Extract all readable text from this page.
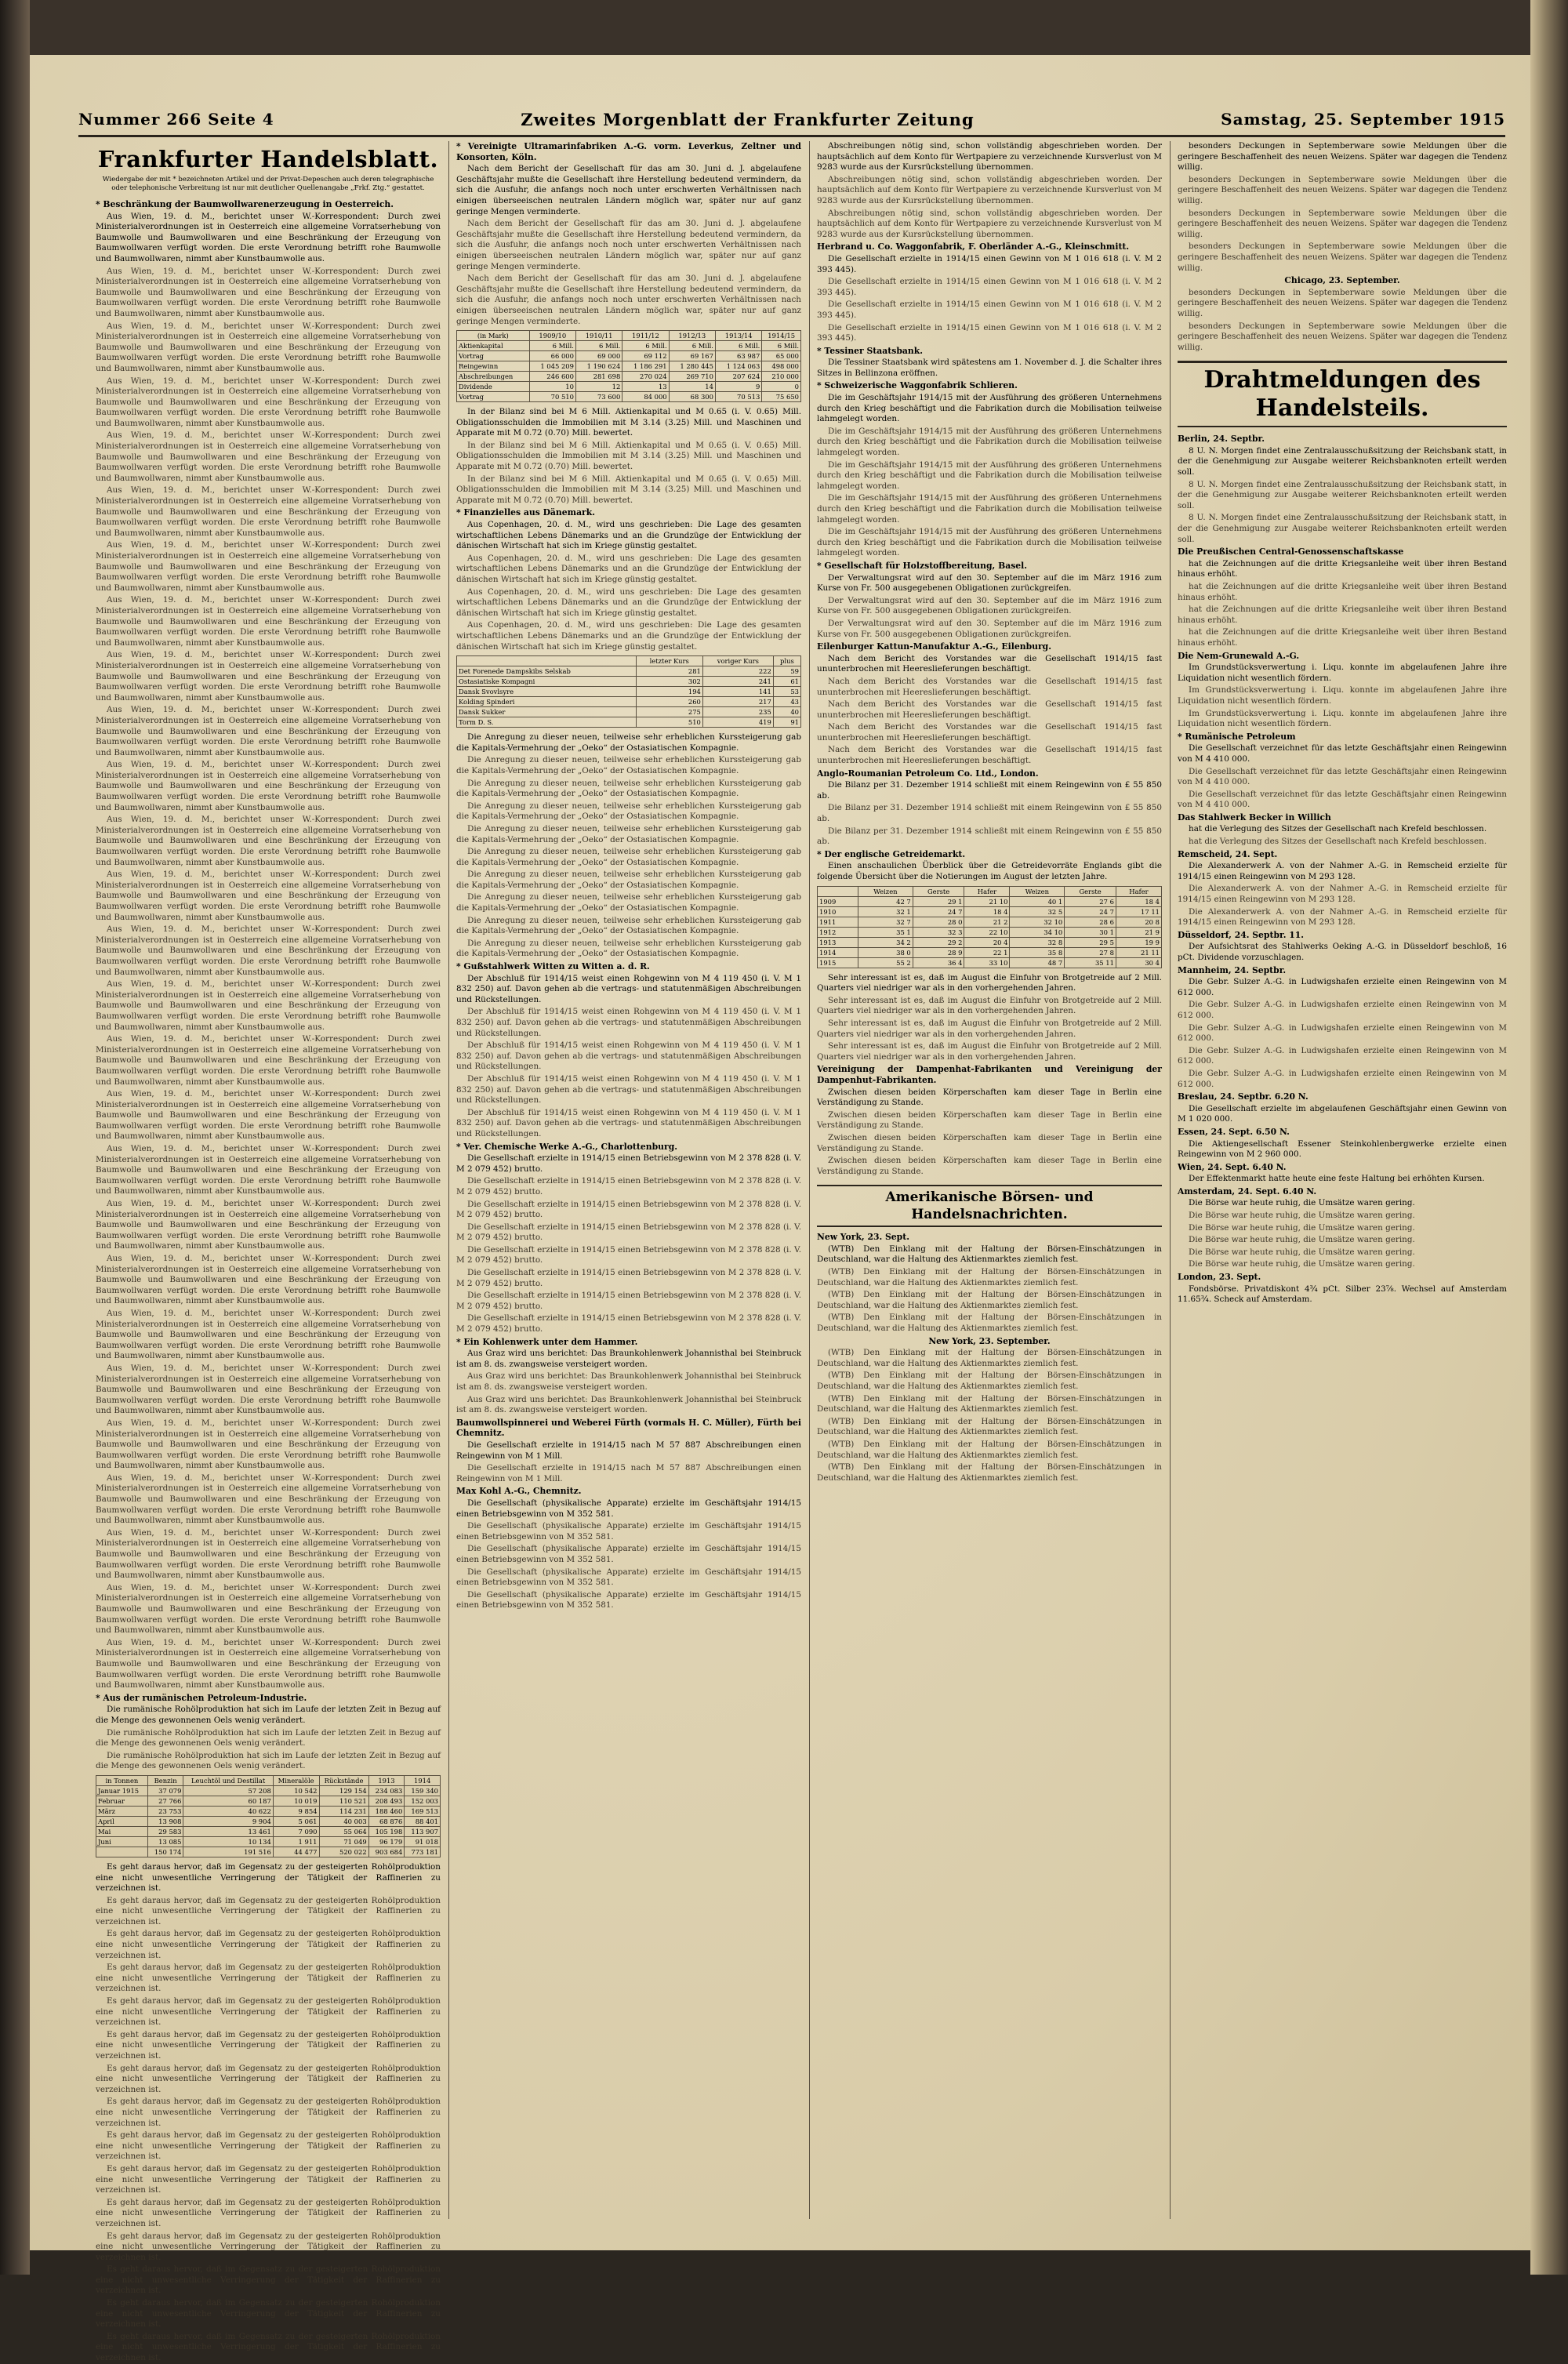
Nummer 266 Seite 4	Zweites Morgenblatt der Frankfurter Zeitung	Samstag, 25. September 1915
Frankfurter Handelsblatt.
Wiedergabe der mit * bezeichneten Artikel und der Privat-Depeschen auch deren telegraphische oder telephonische Verbreitung ist nur mit deutlicher Quellenangabe „Frkf. Ztg.“ gestattet.

* Beschränkung der Baumwollwarenerzeugung in Oesterreich.

Aus Wien, 19. d. M., berichtet unser W.-Korrespondent: Durch zwei Ministerialverordnungen ist in Oesterreich eine allgemeine Vorratserhebung von Baumwolle und Baumwollwaren und eine Beschränkung der Erzeugung von Baumwollwaren verfügt worden. Die erste Verordnung betrifft rohe Baumwolle und Baumwollwaren, nimmt aber Kunstbaumwolle aus.

Aus Wien, 19. d. M., berichtet unser W.-Korrespondent: Durch zwei Ministerialverordnungen ist in Oesterreich eine allgemeine Vorratserhebung von Baumwolle und Baumwollwaren und eine Beschränkung der Erzeugung von Baumwollwaren verfügt worden. Die erste Verordnung betrifft rohe Baumwolle und Baumwollwaren, nimmt aber Kunstbaumwolle aus.

Aus Wien, 19. d. M., berichtet unser W.-Korrespondent: Durch zwei Ministerialverordnungen ist in Oesterreich eine allgemeine Vorratserhebung von Baumwolle und Baumwollwaren und eine Beschränkung der Erzeugung von Baumwollwaren verfügt worden. Die erste Verordnung betrifft rohe Baumwolle und Baumwollwaren, nimmt aber Kunstbaumwolle aus.

Aus Wien, 19. d. M., berichtet unser W.-Korrespondent: Durch zwei Ministerialverordnungen ist in Oesterreich eine allgemeine Vorratserhebung von Baumwolle und Baumwollwaren und eine Beschränkung der Erzeugung von Baumwollwaren verfügt worden. Die erste Verordnung betrifft rohe Baumwolle und Baumwollwaren, nimmt aber Kunstbaumwolle aus.

Aus Wien, 19. d. M., berichtet unser W.-Korrespondent: Durch zwei Ministerialverordnungen ist in Oesterreich eine allgemeine Vorratserhebung von Baumwolle und Baumwollwaren und eine Beschränkung der Erzeugung von Baumwollwaren verfügt worden. Die erste Verordnung betrifft rohe Baumwolle und Baumwollwaren, nimmt aber Kunstbaumwolle aus.

Aus Wien, 19. d. M., berichtet unser W.-Korrespondent: Durch zwei Ministerialverordnungen ist in Oesterreich eine allgemeine Vorratserhebung von Baumwolle und Baumwollwaren und eine Beschränkung der Erzeugung von Baumwollwaren verfügt worden. Die erste Verordnung betrifft rohe Baumwolle und Baumwollwaren, nimmt aber Kunstbaumwolle aus.

Aus Wien, 19. d. M., berichtet unser W.-Korrespondent: Durch zwei Ministerialverordnungen ist in Oesterreich eine allgemeine Vorratserhebung von Baumwolle und Baumwollwaren und eine Beschränkung der Erzeugung von Baumwollwaren verfügt worden. Die erste Verordnung betrifft rohe Baumwolle und Baumwollwaren, nimmt aber Kunstbaumwolle aus.

Aus Wien, 19. d. M., berichtet unser W.-Korrespondent: Durch zwei Ministerialverordnungen ist in Oesterreich eine allgemeine Vorratserhebung von Baumwolle und Baumwollwaren und eine Beschränkung der Erzeugung von Baumwollwaren verfügt worden. Die erste Verordnung betrifft rohe Baumwolle und Baumwollwaren, nimmt aber Kunstbaumwolle aus.

Aus Wien, 19. d. M., berichtet unser W.-Korrespondent: Durch zwei Ministerialverordnungen ist in Oesterreich eine allgemeine Vorratserhebung von Baumwolle und Baumwollwaren und eine Beschränkung der Erzeugung von Baumwollwaren verfügt worden. Die erste Verordnung betrifft rohe Baumwolle und Baumwollwaren, nimmt aber Kunstbaumwolle aus.

Aus Wien, 19. d. M., berichtet unser W.-Korrespondent: Durch zwei Ministerialverordnungen ist in Oesterreich eine allgemeine Vorratserhebung von Baumwolle und Baumwollwaren und eine Beschränkung der Erzeugung von Baumwollwaren verfügt worden. Die erste Verordnung betrifft rohe Baumwolle und Baumwollwaren, nimmt aber Kunstbaumwolle aus.

Aus Wien, 19. d. M., berichtet unser W.-Korrespondent: Durch zwei Ministerialverordnungen ist in Oesterreich eine allgemeine Vorratserhebung von Baumwolle und Baumwollwaren und eine Beschränkung der Erzeugung von Baumwollwaren verfügt worden. Die erste Verordnung betrifft rohe Baumwolle und Baumwollwaren, nimmt aber Kunstbaumwolle aus.

Aus Wien, 19. d. M., berichtet unser W.-Korrespondent: Durch zwei Ministerialverordnungen ist in Oesterreich eine allgemeine Vorratserhebung von Baumwolle und Baumwollwaren und eine Beschränkung der Erzeugung von Baumwollwaren verfügt worden. Die erste Verordnung betrifft rohe Baumwolle und Baumwollwaren, nimmt aber Kunstbaumwolle aus.

Aus Wien, 19. d. M., berichtet unser W.-Korrespondent: Durch zwei Ministerialverordnungen ist in Oesterreich eine allgemeine Vorratserhebung von Baumwolle und Baumwollwaren und eine Beschränkung der Erzeugung von Baumwollwaren verfügt worden. Die erste Verordnung betrifft rohe Baumwolle und Baumwollwaren, nimmt aber Kunstbaumwolle aus.

Aus Wien, 19. d. M., berichtet unser W.-Korrespondent: Durch zwei Ministerialverordnungen ist in Oesterreich eine allgemeine Vorratserhebung von Baumwolle und Baumwollwaren und eine Beschränkung der Erzeugung von Baumwollwaren verfügt worden. Die erste Verordnung betrifft rohe Baumwolle und Baumwollwaren, nimmt aber Kunstbaumwolle aus.

Aus Wien, 19. d. M., berichtet unser W.-Korrespondent: Durch zwei Ministerialverordnungen ist in Oesterreich eine allgemeine Vorratserhebung von Baumwolle und Baumwollwaren und eine Beschränkung der Erzeugung von Baumwollwaren verfügt worden. Die erste Verordnung betrifft rohe Baumwolle und Baumwollwaren, nimmt aber Kunstbaumwolle aus.

Aus Wien, 19. d. M., berichtet unser W.-Korrespondent: Durch zwei Ministerialverordnungen ist in Oesterreich eine allgemeine Vorratserhebung von Baumwolle und Baumwollwaren und eine Beschränkung der Erzeugung von Baumwollwaren verfügt worden. Die erste Verordnung betrifft rohe Baumwolle und Baumwollwaren, nimmt aber Kunstbaumwolle aus.

Aus Wien, 19. d. M., berichtet unser W.-Korrespondent: Durch zwei Ministerialverordnungen ist in Oesterreich eine allgemeine Vorratserhebung von Baumwolle und Baumwollwaren und eine Beschränkung der Erzeugung von Baumwollwaren verfügt worden. Die erste Verordnung betrifft rohe Baumwolle und Baumwollwaren, nimmt aber Kunstbaumwolle aus.

Aus Wien, 19. d. M., berichtet unser W.-Korrespondent: Durch zwei Ministerialverordnungen ist in Oesterreich eine allgemeine Vorratserhebung von Baumwolle und Baumwollwaren und eine Beschränkung der Erzeugung von Baumwollwaren verfügt worden. Die erste Verordnung betrifft rohe Baumwolle und Baumwollwaren, nimmt aber Kunstbaumwolle aus.

Aus Wien, 19. d. M., berichtet unser W.-Korrespondent: Durch zwei Ministerialverordnungen ist in Oesterreich eine allgemeine Vorratserhebung von Baumwolle und Baumwollwaren und eine Beschränkung der Erzeugung von Baumwollwaren verfügt worden. Die erste Verordnung betrifft rohe Baumwolle und Baumwollwaren, nimmt aber Kunstbaumwolle aus.

Aus Wien, 19. d. M., berichtet unser W.-Korrespondent: Durch zwei Ministerialverordnungen ist in Oesterreich eine allgemeine Vorratserhebung von Baumwolle und Baumwollwaren und eine Beschränkung der Erzeugung von Baumwollwaren verfügt worden. Die erste Verordnung betrifft rohe Baumwolle und Baumwollwaren, nimmt aber Kunstbaumwolle aus.

Aus Wien, 19. d. M., berichtet unser W.-Korrespondent: Durch zwei Ministerialverordnungen ist in Oesterreich eine allgemeine Vorratserhebung von Baumwolle und Baumwollwaren und eine Beschränkung der Erzeugung von Baumwollwaren verfügt worden. Die erste Verordnung betrifft rohe Baumwolle und Baumwollwaren, nimmt aber Kunstbaumwolle aus.

Aus Wien, 19. d. M., berichtet unser W.-Korrespondent: Durch zwei Ministerialverordnungen ist in Oesterreich eine allgemeine Vorratserhebung von Baumwolle und Baumwollwaren und eine Beschränkung der Erzeugung von Baumwollwaren verfügt worden. Die erste Verordnung betrifft rohe Baumwolle und Baumwollwaren, nimmt aber Kunstbaumwolle aus.

Aus Wien, 19. d. M., berichtet unser W.-Korrespondent: Durch zwei Ministerialverordnungen ist in Oesterreich eine allgemeine Vorratserhebung von Baumwolle und Baumwollwaren und eine Beschränkung der Erzeugung von Baumwollwaren verfügt worden. Die erste Verordnung betrifft rohe Baumwolle und Baumwollwaren, nimmt aber Kunstbaumwolle aus.

Aus Wien, 19. d. M., berichtet unser W.-Korrespondent: Durch zwei Ministerialverordnungen ist in Oesterreich eine allgemeine Vorratserhebung von Baumwolle und Baumwollwaren und eine Beschränkung der Erzeugung von Baumwollwaren verfügt worden. Die erste Verordnung betrifft rohe Baumwolle und Baumwollwaren, nimmt aber Kunstbaumwolle aus.

Aus Wien, 19. d. M., berichtet unser W.-Korrespondent: Durch zwei Ministerialverordnungen ist in Oesterreich eine allgemeine Vorratserhebung von Baumwolle und Baumwollwaren und eine Beschränkung der Erzeugung von Baumwollwaren verfügt worden. Die erste Verordnung betrifft rohe Baumwolle und Baumwollwaren, nimmt aber Kunstbaumwolle aus.

Aus Wien, 19. d. M., berichtet unser W.-Korrespondent: Durch zwei Ministerialverordnungen ist in Oesterreich eine allgemeine Vorratserhebung von Baumwolle und Baumwollwaren und eine Beschränkung der Erzeugung von Baumwollwaren verfügt worden. Die erste Verordnung betrifft rohe Baumwolle und Baumwollwaren, nimmt aber Kunstbaumwolle aus.

Aus Wien, 19. d. M., berichtet unser W.-Korrespondent: Durch zwei Ministerialverordnungen ist in Oesterreich eine allgemeine Vorratserhebung von Baumwolle und Baumwollwaren und eine Beschränkung der Erzeugung von Baumwollwaren verfügt worden. Die erste Verordnung betrifft rohe Baumwolle und Baumwollwaren, nimmt aber Kunstbaumwolle aus.

* Aus der rumänischen Petroleum-Industrie.

Die rumänische Rohölproduktion hat sich im Laufe der letzten Zeit in Bezug auf die Menge des gewonnenen Oels wenig verändert.

Die rumänische Rohölproduktion hat sich im Laufe der letzten Zeit in Bezug auf die Menge des gewonnenen Oels wenig verändert.

Die rumänische Rohölproduktion hat sich im Laufe der letzten Zeit in Bezug auf die Menge des gewonnenen Oels wenig verändert.

in Tonnen	Benzin	Leuchtöl und Destillat	Mineralöle	Rückstände	1913	1914
Januar 1915	37 079	57 208	10 542	129 154	234 083	159 340
Februar	27 766	60 187	10 019	110 521	208 493	152 003
März	23 753	40 622	9 854	114 231	188 460	169 513
April	13 908	9 904	5 061	40 003	68 876	88 401
Mai	29 583	13 461	7 090	55 064	105 198	113 907
Juni	13 085	10 134	1 911	71 049	96 179	91 018
	150 174	191 516	44 477	520 022	903 684	773 181

Es geht daraus hervor, daß im Gegensatz zu der gesteigerten Rohölproduktion eine nicht unwesentliche Verringerung der Tätigkeit der Raffinerien zu verzeichnen ist.

Es geht daraus hervor, daß im Gegensatz zu der gesteigerten Rohölproduktion eine nicht unwesentliche Verringerung der Tätigkeit der Raffinerien zu verzeichnen ist.

Es geht daraus hervor, daß im Gegensatz zu der gesteigerten Rohölproduktion eine nicht unwesentliche Verringerung der Tätigkeit der Raffinerien zu verzeichnen ist.

Es geht daraus hervor, daß im Gegensatz zu der gesteigerten Rohölproduktion eine nicht unwesentliche Verringerung der Tätigkeit der Raffinerien zu verzeichnen ist.

Es geht daraus hervor, daß im Gegensatz zu der gesteigerten Rohölproduktion eine nicht unwesentliche Verringerung der Tätigkeit der Raffinerien zu verzeichnen ist.

Es geht daraus hervor, daß im Gegensatz zu der gesteigerten Rohölproduktion eine nicht unwesentliche Verringerung der Tätigkeit der Raffinerien zu verzeichnen ist.

Es geht daraus hervor, daß im Gegensatz zu der gesteigerten Rohölproduktion eine nicht unwesentliche Verringerung der Tätigkeit der Raffinerien zu verzeichnen ist.

Es geht daraus hervor, daß im Gegensatz zu der gesteigerten Rohölproduktion eine nicht unwesentliche Verringerung der Tätigkeit der Raffinerien zu verzeichnen ist.

Es geht daraus hervor, daß im Gegensatz zu der gesteigerten Rohölproduktion eine nicht unwesentliche Verringerung der Tätigkeit der Raffinerien zu verzeichnen ist.

Es geht daraus hervor, daß im Gegensatz zu der gesteigerten Rohölproduktion eine nicht unwesentliche Verringerung der Tätigkeit der Raffinerien zu verzeichnen ist.

Es geht daraus hervor, daß im Gegensatz zu der gesteigerten Rohölproduktion eine nicht unwesentliche Verringerung der Tätigkeit der Raffinerien zu verzeichnen ist.

Es geht daraus hervor, daß im Gegensatz zu der gesteigerten Rohölproduktion eine nicht unwesentliche Verringerung der Tätigkeit der Raffinerien zu verzeichnen ist.

Es geht daraus hervor, daß im Gegensatz zu der gesteigerten Rohölproduktion eine nicht unwesentliche Verringerung der Tätigkeit der Raffinerien zu verzeichnen ist.

Es geht daraus hervor, daß im Gegensatz zu der gesteigerten Rohölproduktion eine nicht unwesentliche Verringerung der Tätigkeit der Raffinerien zu verzeichnen ist.

Es geht daraus hervor, daß im Gegensatz zu der gesteigerten Rohölproduktion eine nicht unwesentliche Verringerung der Tätigkeit der Raffinerien zu verzeichnen ist.

* Vereinigte Ultramarinfabriken A.-G. vorm. Leverkus, Zeltner und Konsorten, Köln.

Nach dem Bericht der Gesellschaft für das am 30. Juni d. J. abgelaufene Geschäftsjahr mußte die Gesellschaft ihre Herstellung bedeutend vermindern, da sich die Ausfuhr, die anfangs noch noch unter erschwerten Verhältnissen nach einigen überseeischen neutralen Ländern möglich war, später nur auf ganz geringe Mengen verminderte.

Nach dem Bericht der Gesellschaft für das am 30. Juni d. J. abgelaufene Geschäftsjahr mußte die Gesellschaft ihre Herstellung bedeutend vermindern, da sich die Ausfuhr, die anfangs noch noch unter erschwerten Verhältnissen nach einigen überseeischen neutralen Ländern möglich war, später nur auf ganz geringe Mengen verminderte.

Nach dem Bericht der Gesellschaft für das am 30. Juni d. J. abgelaufene Geschäftsjahr mußte die Gesellschaft ihre Herstellung bedeutend vermindern, da sich die Ausfuhr, die anfangs noch noch unter erschwerten Verhältnissen nach einigen überseeischen neutralen Ländern möglich war, später nur auf ganz geringe Mengen verminderte.

(in Mark)	1909/10	1910/11	1911/12	1912/13	1913/14	1914/15
Aktienkapital	6 Mill.	6 Mill.	6 Mill.	6 Mill.	6 Mill.	6 Mill.
Vortrag	66 000	69 000	69 112	69 167	63 987	65 000
Reingewinn	1 045 209	1 190 624	1 186 291	1 280 445	1 124 063	498 000
Abschreibungen	246 600	281 698	270 024	269 710	207 624	210 000
Dividende	10	12	13	14	9	0
Vortrag	70 510	73 600	84 000	68 300	70 513	75 650

In der Bilanz sind bei M 6 Mill. Aktienkapital und M 0.65 (i. V. 0.65) Mill. Obligationsschulden die Immobilien mit M 3.14 (3.25) Mill. und Maschinen und Apparate mit M 0.72 (0.70) Mill. bewertet.

In der Bilanz sind bei M 6 Mill. Aktienkapital und M 0.65 (i. V. 0.65) Mill. Obligationsschulden die Immobilien mit M 3.14 (3.25) Mill. und Maschinen und Apparate mit M 0.72 (0.70) Mill. bewertet.

In der Bilanz sind bei M 6 Mill. Aktienkapital und M 0.65 (i. V. 0.65) Mill. Obligationsschulden die Immobilien mit M 3.14 (3.25) Mill. und Maschinen und Apparate mit M 0.72 (0.70) Mill. bewertet.

* Finanzielles aus Dänemark.

Aus Copenhagen, 20. d. M., wird uns geschrieben: Die Lage des gesamten wirtschaftlichen Lebens Dänemarks und an die Grundzüge der Entwicklung der dänischen Wirtschaft hat sich im Kriege günstig gestaltet.

Aus Copenhagen, 20. d. M., wird uns geschrieben: Die Lage des gesamten wirtschaftlichen Lebens Dänemarks und an die Grundzüge der Entwicklung der dänischen Wirtschaft hat sich im Kriege günstig gestaltet.

Aus Copenhagen, 20. d. M., wird uns geschrieben: Die Lage des gesamten wirtschaftlichen Lebens Dänemarks und an die Grundzüge der Entwicklung der dänischen Wirtschaft hat sich im Kriege günstig gestaltet.

Aus Copenhagen, 20. d. M., wird uns geschrieben: Die Lage des gesamten wirtschaftlichen Lebens Dänemarks und an die Grundzüge der Entwicklung der dänischen Wirtschaft hat sich im Kriege günstig gestaltet.

	letzter Kurs	voriger Kurs	plus
Det Forenede Dampskibs Selskab	281	222	59
Ostasiatiske Kompagni	302	241	61
Dansk Svovlsyre	194	141	53
Kolding Spinderi	260	217	43
Dansk Sukker	275	235	40
Torm D. S.	510	419	91

Die Anregung zu dieser neuen, teilweise sehr erheblichen Kurssteigerung gab die Kapitals-Vermehrung der „Oeko“ der Ostasiatischen Kompagnie.

Die Anregung zu dieser neuen, teilweise sehr erheblichen Kurssteigerung gab die Kapitals-Vermehrung der „Oeko“ der Ostasiatischen Kompagnie.

Die Anregung zu dieser neuen, teilweise sehr erheblichen Kurssteigerung gab die Kapitals-Vermehrung der „Oeko“ der Ostasiatischen Kompagnie.

Die Anregung zu dieser neuen, teilweise sehr erheblichen Kurssteigerung gab die Kapitals-Vermehrung der „Oeko“ der Ostasiatischen Kompagnie.

Die Anregung zu dieser neuen, teilweise sehr erheblichen Kurssteigerung gab die Kapitals-Vermehrung der „Oeko“ der Ostasiatischen Kompagnie.

Die Anregung zu dieser neuen, teilweise sehr erheblichen Kurssteigerung gab die Kapitals-Vermehrung der „Oeko“ der Ostasiatischen Kompagnie.

Die Anregung zu dieser neuen, teilweise sehr erheblichen Kurssteigerung gab die Kapitals-Vermehrung der „Oeko“ der Ostasiatischen Kompagnie.

Die Anregung zu dieser neuen, teilweise sehr erheblichen Kurssteigerung gab die Kapitals-Vermehrung der „Oeko“ der Ostasiatischen Kompagnie.

Die Anregung zu dieser neuen, teilweise sehr erheblichen Kurssteigerung gab die Kapitals-Vermehrung der „Oeko“ der Ostasiatischen Kompagnie.

Die Anregung zu dieser neuen, teilweise sehr erheblichen Kurssteigerung gab die Kapitals-Vermehrung der „Oeko“ der Ostasiatischen Kompagnie.

* Gußstahlwerk Witten zu Witten a. d. R.

Der Abschluß für 1914/15 weist einen Rohgewinn von M 4 119 450 (i. V. M 1 832 250) auf. Davon gehen ab die vertrags- und statutenmäßigen Abschreibungen und Rückstellungen.

Der Abschluß für 1914/15 weist einen Rohgewinn von M 4 119 450 (i. V. M 1 832 250) auf. Davon gehen ab die vertrags- und statutenmäßigen Abschreibungen und Rückstellungen.

Der Abschluß für 1914/15 weist einen Rohgewinn von M 4 119 450 (i. V. M 1 832 250) auf. Davon gehen ab die vertrags- und statutenmäßigen Abschreibungen und Rückstellungen.

Der Abschluß für 1914/15 weist einen Rohgewinn von M 4 119 450 (i. V. M 1 832 250) auf. Davon gehen ab die vertrags- und statutenmäßigen Abschreibungen und Rückstellungen.

Der Abschluß für 1914/15 weist einen Rohgewinn von M 4 119 450 (i. V. M 1 832 250) auf. Davon gehen ab die vertrags- und statutenmäßigen Abschreibungen und Rückstellungen.

* Ver. Chemische Werke A.-G., Charlottenburg.

Die Gesellschaft erzielte in 1914/15 einen Betriebsgewinn von M 2 378 828 (i. V. M 2 079 452) brutto.

Die Gesellschaft erzielte in 1914/15 einen Betriebsgewinn von M 2 378 828 (i. V. M 2 079 452) brutto.

Die Gesellschaft erzielte in 1914/15 einen Betriebsgewinn von M 2 378 828 (i. V. M 2 079 452) brutto.

Die Gesellschaft erzielte in 1914/15 einen Betriebsgewinn von M 2 378 828 (i. V. M 2 079 452) brutto.

Die Gesellschaft erzielte in 1914/15 einen Betriebsgewinn von M 2 378 828 (i. V. M 2 079 452) brutto.

Die Gesellschaft erzielte in 1914/15 einen Betriebsgewinn von M 2 378 828 (i. V. M 2 079 452) brutto.

Die Gesellschaft erzielte in 1914/15 einen Betriebsgewinn von M 2 378 828 (i. V. M 2 079 452) brutto.

Die Gesellschaft erzielte in 1914/15 einen Betriebsgewinn von M 2 378 828 (i. V. M 2 079 452) brutto.

* Ein Kohlenwerk unter dem Hammer.

Aus Graz wird uns berichtet: Das Braunkohlenwerk Johannisthal bei Steinbruck ist am 8. ds. zwangsweise versteigert worden.

Aus Graz wird uns berichtet: Das Braunkohlenwerk Johannisthal bei Steinbruck ist am 8. ds. zwangsweise versteigert worden.

Aus Graz wird uns berichtet: Das Braunkohlenwerk Johannisthal bei Steinbruck ist am 8. ds. zwangsweise versteigert worden.

Baumwollspinnerei und Weberei Fürth (vormals H. C. Müller), Fürth bei Chemnitz.

Die Gesellschaft erzielte in 1914/15 nach M 57 887 Abschreibungen einen Reingewinn von M 1 Mill.

Die Gesellschaft erzielte in 1914/15 nach M 57 887 Abschreibungen einen Reingewinn von M 1 Mill.

Max Kohl A.-G., Chemnitz.

Die Gesellschaft (physikalische Apparate) erzielte im Geschäftsjahr 1914/15 einen Betriebsgewinn von M 352 581.

Die Gesellschaft (physikalische Apparate) erzielte im Geschäftsjahr 1914/15 einen Betriebsgewinn von M 352 581.

Die Gesellschaft (physikalische Apparate) erzielte im Geschäftsjahr 1914/15 einen Betriebsgewinn von M 352 581.

Die Gesellschaft (physikalische Apparate) erzielte im Geschäftsjahr 1914/15 einen Betriebsgewinn von M 352 581.

Die Gesellschaft (physikalische Apparate) erzielte im Geschäftsjahr 1914/15 einen Betriebsgewinn von M 352 581.

Abschreibungen nötig sind, schon vollständig abgeschrieben worden. Der hauptsächlich auf dem Konto für Wertpapiere zu verzeichnende Kursverlust von M 9283 wurde aus der Kursrückstellung übernommen.

Abschreibungen nötig sind, schon vollständig abgeschrieben worden. Der hauptsächlich auf dem Konto für Wertpapiere zu verzeichnende Kursverlust von M 9283 wurde aus der Kursrückstellung übernommen.

Abschreibungen nötig sind, schon vollständig abgeschrieben worden. Der hauptsächlich auf dem Konto für Wertpapiere zu verzeichnende Kursverlust von M 9283 wurde aus der Kursrückstellung übernommen.

Herbrand u. Co. Waggonfabrik, F. Oberländer A.-G., Kleinschmitt.

Die Gesellschaft erzielte in 1914/15 einen Gewinn von M 1 016 618 (i. V. M 2 393 445).

Die Gesellschaft erzielte in 1914/15 einen Gewinn von M 1 016 618 (i. V. M 2 393 445).

Die Gesellschaft erzielte in 1914/15 einen Gewinn von M 1 016 618 (i. V. M 2 393 445).

Die Gesellschaft erzielte in 1914/15 einen Gewinn von M 1 016 618 (i. V. M 2 393 445).

* Tessiner Staatsbank.

Die Tessiner Staatsbank wird spätestens am 1. November d. J. die Schalter ihres Sitzes in Bellinzona eröffnen.

* Schweizerische Waggonfabrik Schlieren.

Die im Geschäftsjahr 1914/15 mit der Ausführung des größeren Unternehmens durch den Krieg beschäftigt und die Fabrikation durch die Mobilisation teilweise lahmgelegt worden.

Die im Geschäftsjahr 1914/15 mit der Ausführung des größeren Unternehmens durch den Krieg beschäftigt und die Fabrikation durch die Mobilisation teilweise lahmgelegt worden.

Die im Geschäftsjahr 1914/15 mit der Ausführung des größeren Unternehmens durch den Krieg beschäftigt und die Fabrikation durch die Mobilisation teilweise lahmgelegt worden.

Die im Geschäftsjahr 1914/15 mit der Ausführung des größeren Unternehmens durch den Krieg beschäftigt und die Fabrikation durch die Mobilisation teilweise lahmgelegt worden.

Die im Geschäftsjahr 1914/15 mit der Ausführung des größeren Unternehmens durch den Krieg beschäftigt und die Fabrikation durch die Mobilisation teilweise lahmgelegt worden.

* Gesellschaft für Holzstoffbereitung, Basel.

Der Verwaltungsrat wird auf den 30. September auf die im März 1916 zum Kurse von Fr. 500 ausgegebenen Obligationen zurückgreifen.

Der Verwaltungsrat wird auf den 30. September auf die im März 1916 zum Kurse von Fr. 500 ausgegebenen Obligationen zurückgreifen.

Der Verwaltungsrat wird auf den 30. September auf die im März 1916 zum Kurse von Fr. 500 ausgegebenen Obligationen zurückgreifen.

Eilenburger Kattun-Manufaktur A.-G., Eilenburg.

Nach dem Bericht des Vorstandes war die Gesellschaft 1914/15 fast ununterbrochen mit Heereslieferungen beschäftigt.

Nach dem Bericht des Vorstandes war die Gesellschaft 1914/15 fast ununterbrochen mit Heereslieferungen beschäftigt.

Nach dem Bericht des Vorstandes war die Gesellschaft 1914/15 fast ununterbrochen mit Heereslieferungen beschäftigt.

Nach dem Bericht des Vorstandes war die Gesellschaft 1914/15 fast ununterbrochen mit Heereslieferungen beschäftigt.

Nach dem Bericht des Vorstandes war die Gesellschaft 1914/15 fast ununterbrochen mit Heereslieferungen beschäftigt.

Anglo-Roumanian Petroleum Co. Ltd., London.

Die Bilanz per 31. Dezember 1914 schließt mit einem Reingewinn von £ 55 850 ab.

Die Bilanz per 31. Dezember 1914 schließt mit einem Reingewinn von £ 55 850 ab.

Die Bilanz per 31. Dezember 1914 schließt mit einem Reingewinn von £ 55 850 ab.

* Der englische Getreidemarkt.

Einen anschaulichen Überblick über die Getreidevorräte Englands gibt die folgende Übersicht über die Notierungen im August der letzten Jahre.

	Weizen	Gerste	Hafer	Weizen	Gerste	Hafer
1909	42 7	29 1	21 10	40 1	27 6	18 4
1910	32 1	24 7	18 4	32 5	24 7	17 11
1911	32 7	28 0	21 2	32 10	28 6	20 8
1912	35 1	32 3	22 10	34 10	30 1	21 9
1913	34 2	29 2	20 4	32 8	29 5	19 9
1914	38 0	28 9	22 1	35 8	27 8	21 11
1915	55 2	36 4	33 10	48 7	35 11	30 4

Sehr interessant ist es, daß im August die Einfuhr von Brotgetreide auf 2 Mill. Quarters viel niedriger war als in den vorhergehenden Jahren.

Sehr interessant ist es, daß im August die Einfuhr von Brotgetreide auf 2 Mill. Quarters viel niedriger war als in den vorhergehenden Jahren.

Sehr interessant ist es, daß im August die Einfuhr von Brotgetreide auf 2 Mill. Quarters viel niedriger war als in den vorhergehenden Jahren.

Sehr interessant ist es, daß im August die Einfuhr von Brotgetreide auf 2 Mill. Quarters viel niedriger war als in den vorhergehenden Jahren.

Vereinigung der Dampenhat-Fabrikanten und Vereinigung der Dampenhut-Fabrikanten.

Zwischen diesen beiden Körperschaften kam dieser Tage in Berlin eine Verständigung zu Stande.

Zwischen diesen beiden Körperschaften kam dieser Tage in Berlin eine Verständigung zu Stande.

Zwischen diesen beiden Körperschaften kam dieser Tage in Berlin eine Verständigung zu Stande.

Zwischen diesen beiden Körperschaften kam dieser Tage in Berlin eine Verständigung zu Stande.

Amerikanische Börsen- und Handelsnachrichten.

New York, 23. Sept.

(WTB) Den Einklang mit der Haltung der Börsen-Einschätzungen in Deutschland, war die Haltung des Aktienmarktes ziemlich fest.

(WTB) Den Einklang mit der Haltung der Börsen-Einschätzungen in Deutschland, war die Haltung des Aktienmarktes ziemlich fest.

(WTB) Den Einklang mit der Haltung der Börsen-Einschätzungen in Deutschland, war die Haltung des Aktienmarktes ziemlich fest.

(WTB) Den Einklang mit der Haltung der Börsen-Einschätzungen in Deutschland, war die Haltung des Aktienmarktes ziemlich fest.

New York, 23. September.

(WTB) Den Einklang mit der Haltung der Börsen-Einschätzungen in Deutschland, war die Haltung des Aktienmarktes ziemlich fest.

(WTB) Den Einklang mit der Haltung der Börsen-Einschätzungen in Deutschland, war die Haltung des Aktienmarktes ziemlich fest.

(WTB) Den Einklang mit der Haltung der Börsen-Einschätzungen in Deutschland, war die Haltung des Aktienmarktes ziemlich fest.

(WTB) Den Einklang mit der Haltung der Börsen-Einschätzungen in Deutschland, war die Haltung des Aktienmarktes ziemlich fest.

(WTB) Den Einklang mit der Haltung der Börsen-Einschätzungen in Deutschland, war die Haltung des Aktienmarktes ziemlich fest.

(WTB) Den Einklang mit der Haltung der Börsen-Einschätzungen in Deutschland, war die Haltung des Aktienmarktes ziemlich fest.

besonders Deckungen in Septemberware sowie Meldungen über die geringere Beschaffenheit des neuen Weizens. Später war dagegen die Tendenz willig.

besonders Deckungen in Septemberware sowie Meldungen über die geringere Beschaffenheit des neuen Weizens. Später war dagegen die Tendenz willig.

besonders Deckungen in Septemberware sowie Meldungen über die geringere Beschaffenheit des neuen Weizens. Später war dagegen die Tendenz willig.

besonders Deckungen in Septemberware sowie Meldungen über die geringere Beschaffenheit des neuen Weizens. Später war dagegen die Tendenz willig.

Chicago, 23. September.

besonders Deckungen in Septemberware sowie Meldungen über die geringere Beschaffenheit des neuen Weizens. Später war dagegen die Tendenz willig.

besonders Deckungen in Septemberware sowie Meldungen über die geringere Beschaffenheit des neuen Weizens. Später war dagegen die Tendenz willig.

Drahtmeldungen des Handelsteils.

Berlin, 24. Septbr.

8 U. N. Morgen findet eine Zentralausschußsitzung der Reichsbank statt, in der die Genehmigung zur Ausgabe weiterer Reichsbanknoten erteilt werden soll.

8 U. N. Morgen findet eine Zentralausschußsitzung der Reichsbank statt, in der die Genehmigung zur Ausgabe weiterer Reichsbanknoten erteilt werden soll.

8 U. N. Morgen findet eine Zentralausschußsitzung der Reichsbank statt, in der die Genehmigung zur Ausgabe weiterer Reichsbanknoten erteilt werden soll.

Die Preußischen Central-Genossenschaftskasse

hat die Zeichnungen auf die dritte Kriegsanleihe weit über ihren Bestand hinaus erhöht.

hat die Zeichnungen auf die dritte Kriegsanleihe weit über ihren Bestand hinaus erhöht.

hat die Zeichnungen auf die dritte Kriegsanleihe weit über ihren Bestand hinaus erhöht.

hat die Zeichnungen auf die dritte Kriegsanleihe weit über ihren Bestand hinaus erhöht.

Die Nem-Grunewald A.-G.

Im Grundstücksverwertung i. Liqu. konnte im abgelaufenen Jahre ihre Liquidation nicht wesentlich fördern.

Im Grundstücksverwertung i. Liqu. konnte im abgelaufenen Jahre ihre Liquidation nicht wesentlich fördern.

Im Grundstücksverwertung i. Liqu. konnte im abgelaufenen Jahre ihre Liquidation nicht wesentlich fördern.

* Rumänische Petroleum

Die Gesellschaft verzeichnet für das letzte Geschäftsjahr einen Reingewinn von M 4 410 000.

Die Gesellschaft verzeichnet für das letzte Geschäftsjahr einen Reingewinn von M 4 410 000.

Die Gesellschaft verzeichnet für das letzte Geschäftsjahr einen Reingewinn von M 4 410 000.

Das Stahlwerk Becker in Willich

hat die Verlegung des Sitzes der Gesellschaft nach Krefeld beschlossen.

hat die Verlegung des Sitzes der Gesellschaft nach Krefeld beschlossen.

Remscheid, 24. Sept.

Die Alexanderwerk A. von der Nahmer A.-G. in Remscheid erzielte für 1914/15 einen Reingewinn von M 293 128.

Die Alexanderwerk A. von der Nahmer A.-G. in Remscheid erzielte für 1914/15 einen Reingewinn von M 293 128.

Die Alexanderwerk A. von der Nahmer A.-G. in Remscheid erzielte für 1914/15 einen Reingewinn von M 293 128.

Düsseldorf, 24. Septbr. 11.

Der Aufsichtsrat des Stahlwerks Oeking A.-G. in Düsseldorf beschloß, 16 pCt. Dividende vorzuschlagen.

Mannheim, 24. Septbr.

Die Gebr. Sulzer A.-G. in Ludwigshafen erzielte einen Reingewinn von M 612 000.

Die Gebr. Sulzer A.-G. in Ludwigshafen erzielte einen Reingewinn von M 612 000.

Die Gebr. Sulzer A.-G. in Ludwigshafen erzielte einen Reingewinn von M 612 000.

Die Gebr. Sulzer A.-G. in Ludwigshafen erzielte einen Reingewinn von M 612 000.

Die Gebr. Sulzer A.-G. in Ludwigshafen erzielte einen Reingewinn von M 612 000.

Breslau, 24. Septbr. 6.20 N.

Die Gesellschaft erzielte im abgelaufenen Geschäftsjahr einen Gewinn von M 1 020 000.

Essen, 24. Sept. 6.50 N.

Die Aktiengesellschaft Essener Steinkohlenbergwerke erzielte einen Reingewinn von M 2 960 000.

Wien, 24. Sept. 6.40 N.

Der Effektenmarkt hatte heute eine feste Haltung bei erhöhten Kursen.

Amsterdam, 24. Sept. 6.40 N.

Die Börse war heute ruhig, die Umsätze waren gering.

Die Börse war heute ruhig, die Umsätze waren gering.

Die Börse war heute ruhig, die Umsätze waren gering.

Die Börse war heute ruhig, die Umsätze waren gering.

Die Börse war heute ruhig, die Umsätze waren gering.

Die Börse war heute ruhig, die Umsätze waren gering.

London, 23. Sept.

Fondsbörse. Privatdiskont 4¾ pCt. Silber 23⅞. Wechsel auf Amsterdam 11.65¾. Scheck auf Amsterdam.
